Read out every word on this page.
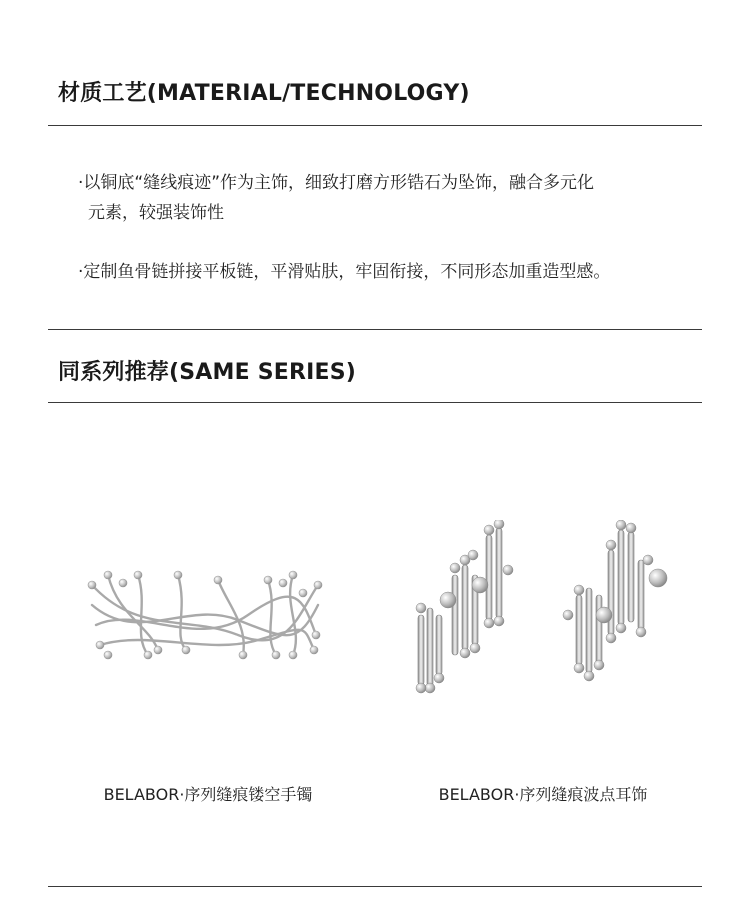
材质工艺(MATERIAL/TECHNOLOGY)
·以铜底“缝线痕迹”作为主饰，细致打磨方形锆石为坠饰，融合多元化
元素，较强装饰性
·定制鱼骨链拼接平板链，平滑贴肤，牢固衔接，不同形态加重造型感。
同系列推荐(SAME SERIES)
BELABOR·序列缝痕镂空手镯	BELABOR·序列缝痕波点耳饰
